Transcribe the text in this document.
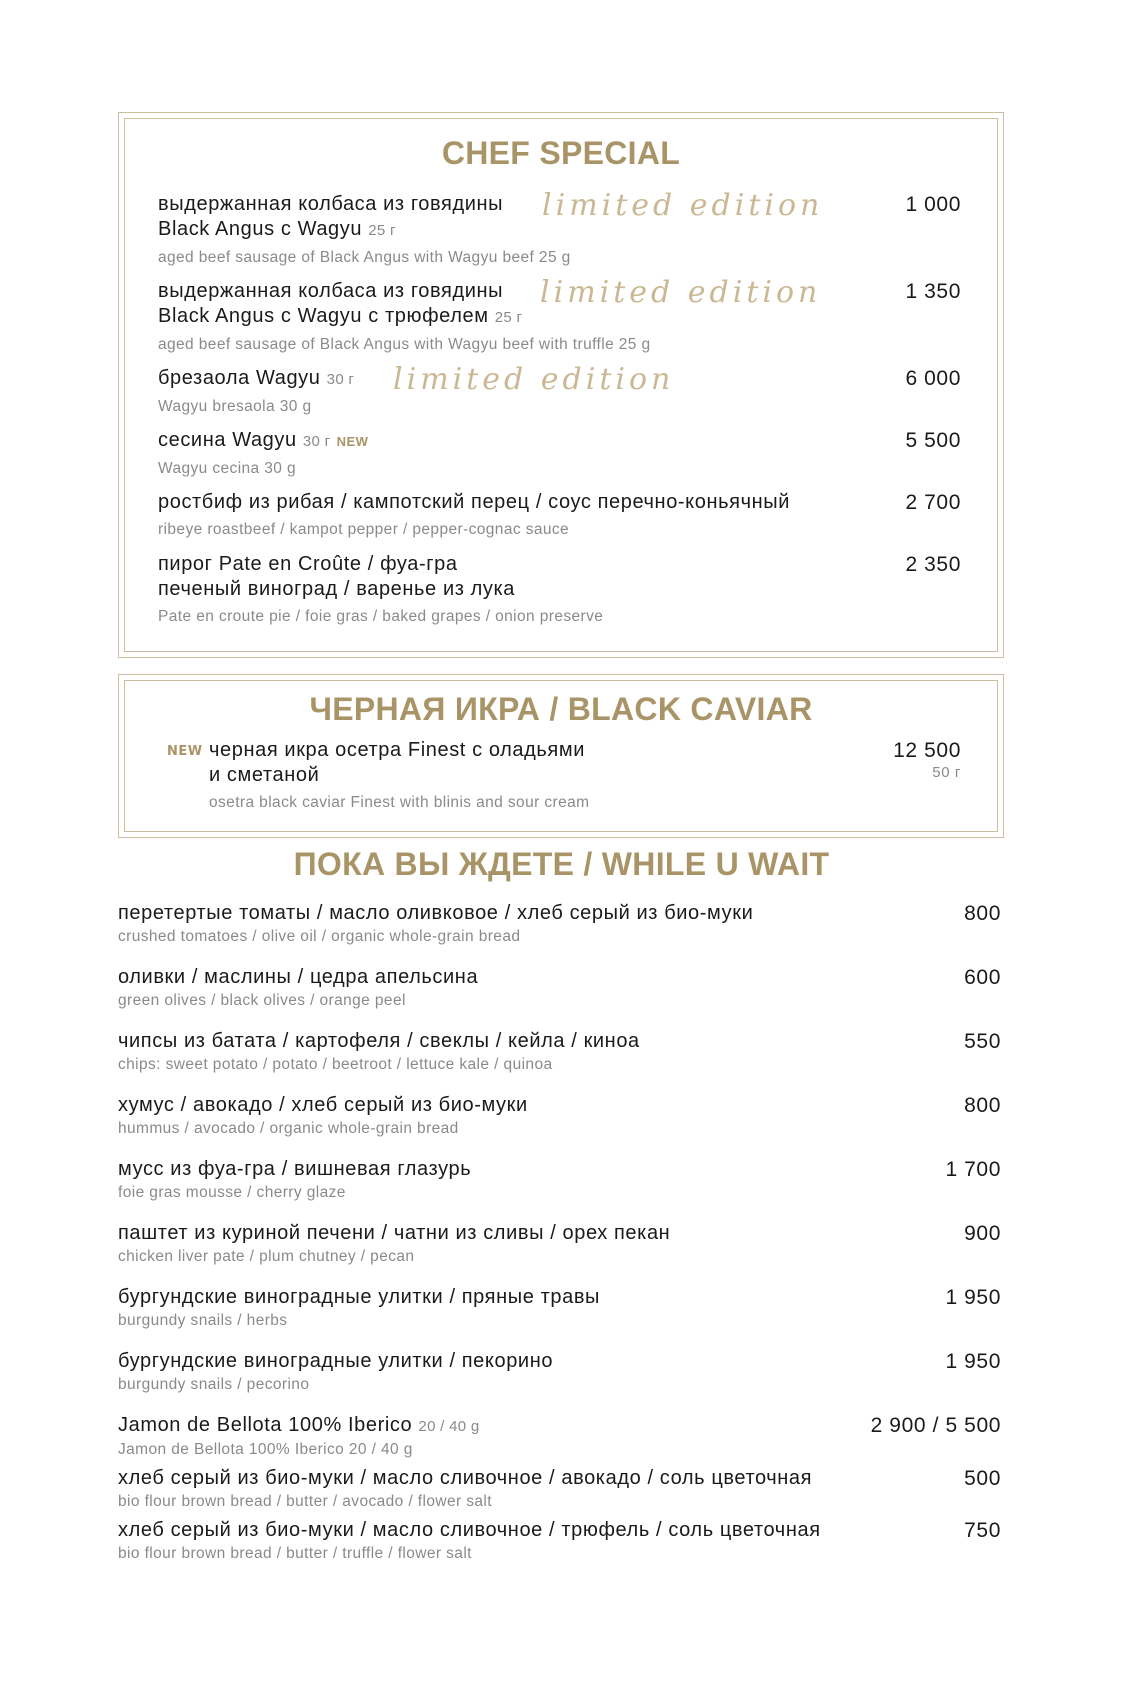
CHEF SPECIAL
выдержанная колбаса из говядины
Black Angus с Wagyu 25 г
aged beef sausage of Black Angus with Wagyu beef 25 g
limited edition	1 000
выдержанная колбаса из говядины
Black Angus с Wagyu с трюфелем 25 г
aged beef sausage of Black Angus with Wagyu beef with truffle 25 g
limited edition	1 350
брезаола Wagyu 30 г
Wagyu bresaola 30 g
limited edition	6 000
сесина Wagyu 30 г NEW
Wagyu cecina 30 g
5 500
ростбиф из рибая / кампотский перец / соус перечно-коньячный
ribeye roastbeef / kampot pepper / pepper-cognac sauce
2 700
пирог Pate en Croûte / фуа-гра
печеный виноград / варенье из лука
Pate en croute pie / foie gras / baked grapes / onion preserve
2 350
ЧЕРНАЯ ИКРА / BLACK CAVIAR
NEW черная икра осетра Finest с оладьями
и сметаной
osetra black caviar Finest with blinis and sour cream
12 500
50 г
ПОКА ВЫ ЖДЕТЕ / WHILE U WAIT
перетертые томаты / масло оливковое / хлеб серый из био-муки
crushed tomatoes / olive oil / organic whole-grain bread
800
оливки / маслины / цедра апельсина
green olives / black olives / orange peel
600
чипсы из батата / картофеля / свеклы / кейла / киноа
chips: sweet potato / potato / beetroot / lettuce kale / quinoa
550
хумус / авокадо / хлеб серый из био-муки
hummus / avocado / organic whole-grain bread
800
мусс из фуа-гра / вишневая глазурь
foie gras mousse / cherry glaze
1 700
паштет из куриной печени / чатни из сливы / орех пекан
chicken liver pate / plum chutney / pecan
900
бургундские виноградные улитки / пряные травы
burgundy snails / herbs
1 950
бургундские виноградные улитки / пекорино
burgundy snails / pecorino
1 950
Jamon de Bellota 100% Iberico 20 / 40 g
Jamon de Bellota 100% Iberico 20 / 40 g
2 900 / 5 500
хлеб серый из био-муки / масло сливочное / авокадо / соль цветочная
bio flour brown bread / butter / avocado / flower salt
500
хлеб серый из био-муки / масло сливочное / трюфель / соль цветочная
bio flour brown bread / butter / truffle / flower salt
750
